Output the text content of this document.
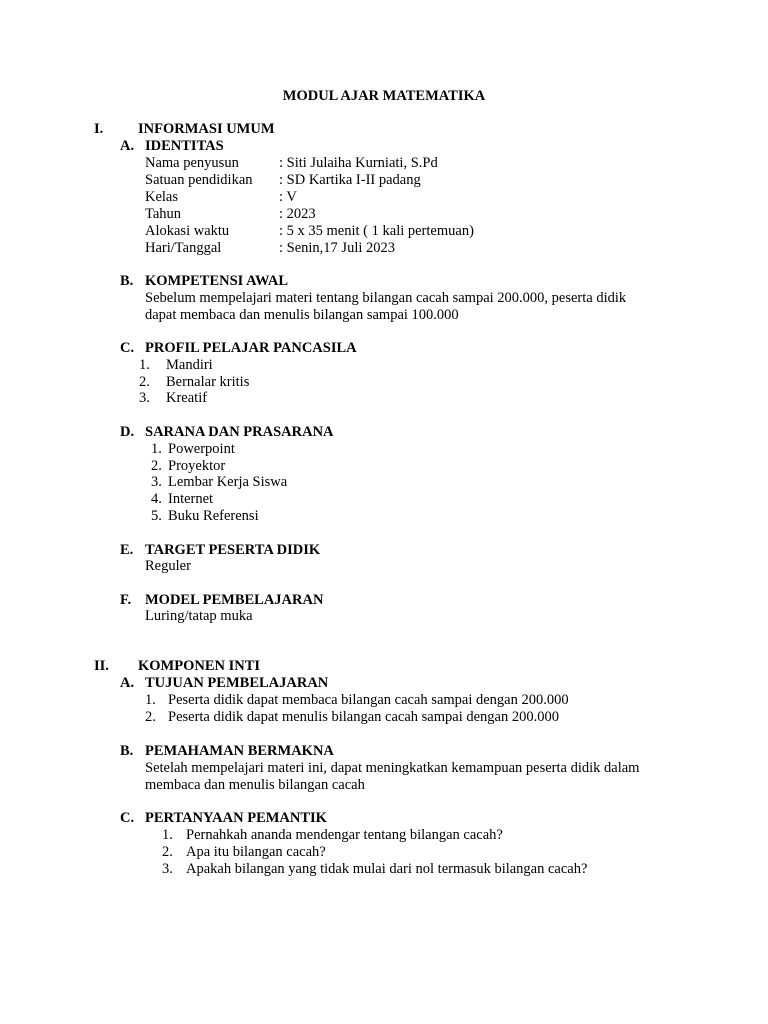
MODUL AJAR MATEMATIKA
I. INFORMASI UMUM
A. IDENTITAS
Nama penyusun	: Siti Julaiha Kurniati, S.Pd
Satuan pendidikan : SD Kartika I-II padang
Kelas	: V
Tahun	: 2023
Alokasi waktu	: 5 x 35 menit ( 1 kali pertemuan)
Hari/Tanggal	: Senin,17 Juli 2023
B. KOMPETENSI AWAL
Sebelum mempelajari materi tentang bilangan cacah sampai 200.000, peserta didik
dapat membaca dan menulis bilangan sampai 100.000
C. PROFIL PELAJAR PANCASILA
1. Mandiri
2. Bernalar kritis
3. Kreatif
D. SARANA DAN PRASARANA
1. Powerpoint
2. Proyektor
3. Lembar Kerja Siswa
4. Internet
5. Buku Referensi
E. TARGET PESERTA DIDIK
Reguler
F. MODEL PEMBELAJARAN
Luring/tatap muka
II. KOMPONEN INTI
A. TUJUAN PEMBELAJARAN
1. Peserta didik dapat membaca bilangan cacah sampai dengan 200.000
2. Peserta didik dapat menulis bilangan cacah sampai dengan 200.000
B. PEMAHAMAN BERMAKNA
Setelah mempelajari materi ini, dapat meningkatkan kemampuan peserta didik dalam
membaca dan menulis bilangan cacah
C. PERTANYAAN PEMANTIK
1. Pernahkah ananda mendengar tentang bilangan cacah?
2. Apa itu bilangan cacah?
3. Apakah bilangan yang tidak mulai dari nol termasuk bilangan cacah?
